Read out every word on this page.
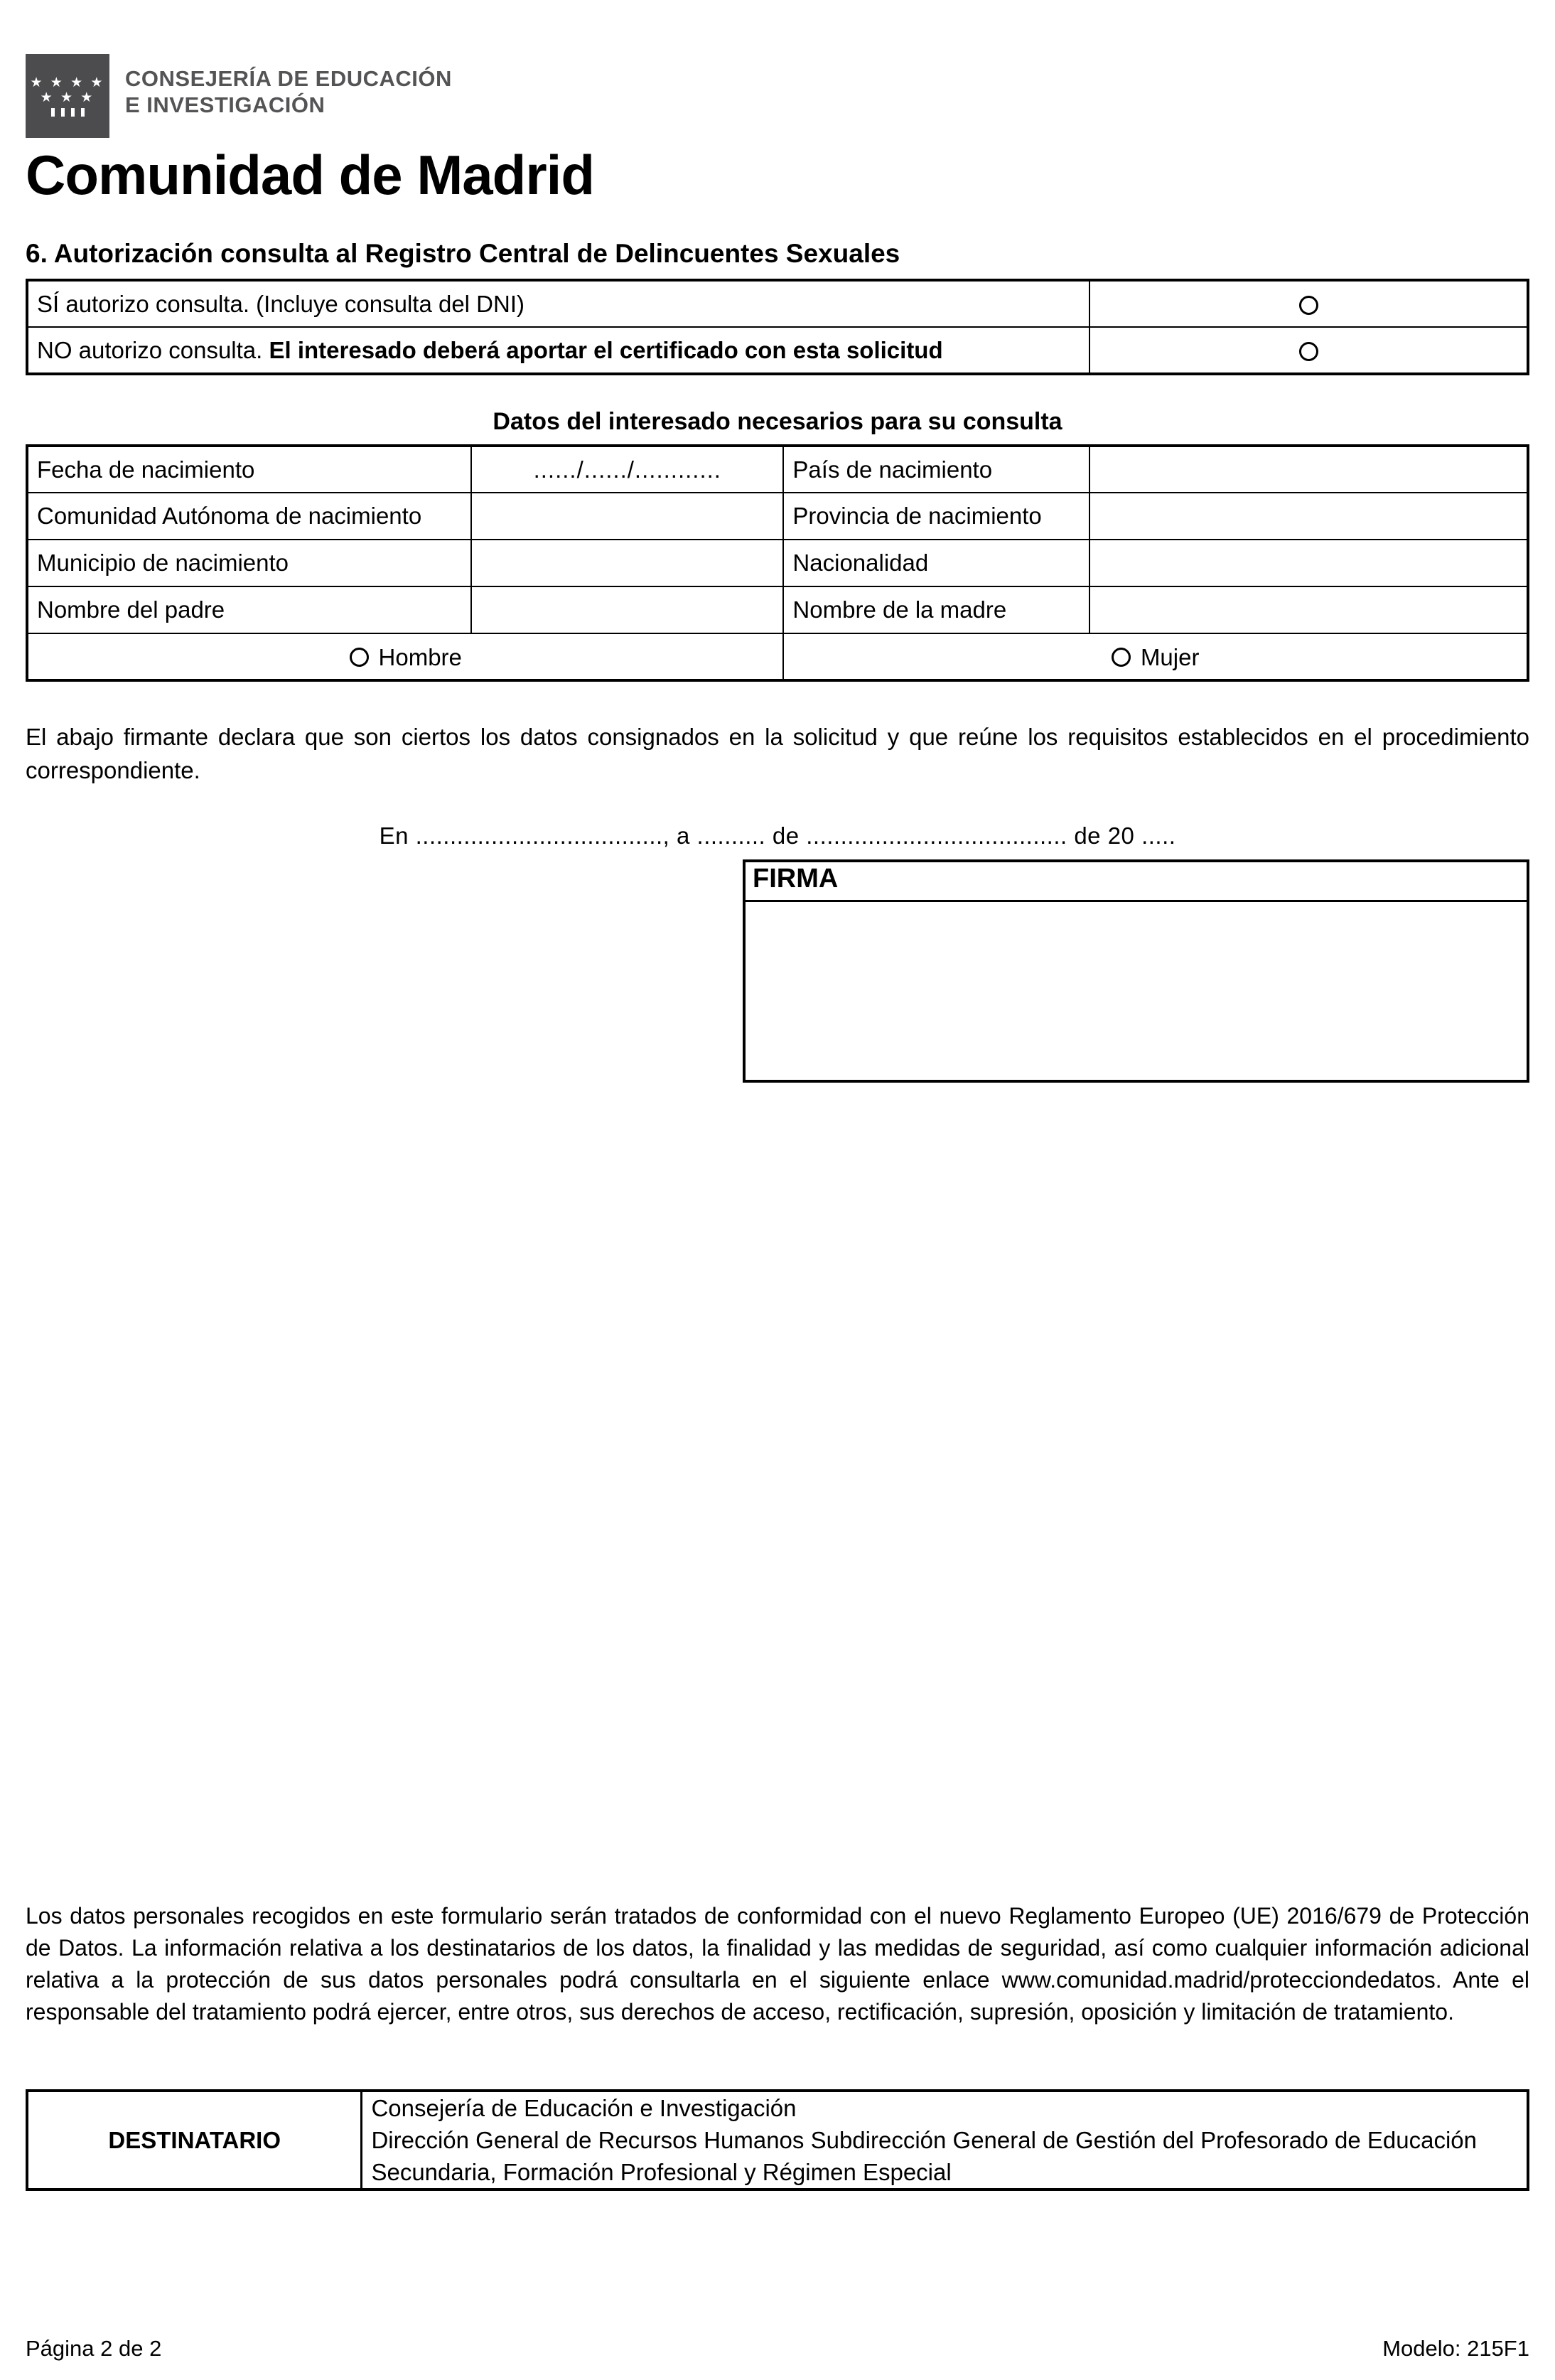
★ ★ ★ ★
★ ★ ★
CONSEJERÍA DE EDUCACIÓN
E INVESTIGACIÓN
Comunidad de Madrid
6. Autorización consulta al Registro Central de Delincuentes Sexuales
SÍ autorizo consulta. (Incluye consulta del DNI)	
NO autorizo consulta. El interesado deberá aportar el certificado con esta solicitud	
Datos del interesado necesarios para su consulta
Fecha de nacimiento	....../....../............	País de nacimiento	
Comunidad Autónoma de nacimiento		Provincia de nacimiento	
Municipio de nacimiento		Nacionalidad	
Nombre del padre		Nombre de la madre	
Hombre		Mujer	
El abajo firmante declara que son ciertos los datos consignados en la solicitud y que reúne los requisitos establecidos en el procedimiento correspondiente.
En ...................................., a .......... de ...................................... de 20 .....
FIRMA
Los datos personales recogidos en este formulario serán tratados de conformidad con el nuevo Reglamento Europeo (UE) 2016/679 de Protección de Datos. La información relativa a los destinatarios de los datos, la finalidad y las medidas de seguridad, así como cualquier información adicional relativa a la protección de sus datos personales podrá consultarla en el siguiente enlace www.comunidad.madrid/protecciondedatos. Ante el responsable del tratamiento podrá ejercer, entre otros, sus derechos de acceso, rectificación, supresión, oposición y limitación de tratamiento.
DESTINATARIO	
Consejería de Educación e Investigación
Dirección General de Recursos Humanos Subdirección General de Gestión del Profesorado de Educación Secundaria, Formación Profesional y Régimen Especial
Página 2 de 2	Modelo: 215F1
